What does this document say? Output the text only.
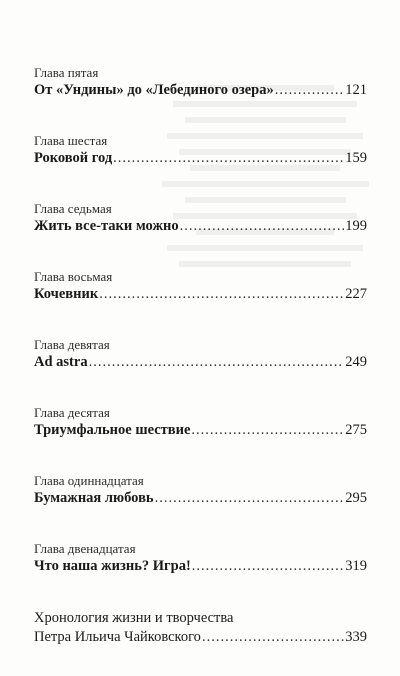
Глава пятая
От «Ундины» до «Лебединого озера» .....	121
Глава шестая
Роковой год .....	159
Глава седьмая
Жить все-таки можно .....	199
Глава восьмая
Кочевник .....	227
Глава девятая
Ad astra .....	249
Глава десятая
Триумфальное шествие .....	275
Глава одиннадцатая
Бумажная любовь .....	295
Глава двенадцатая
Что наша жизнь? Игра! .....	319
Хронология жизни и творчества
Петра Ильича Чайковского .....	339
